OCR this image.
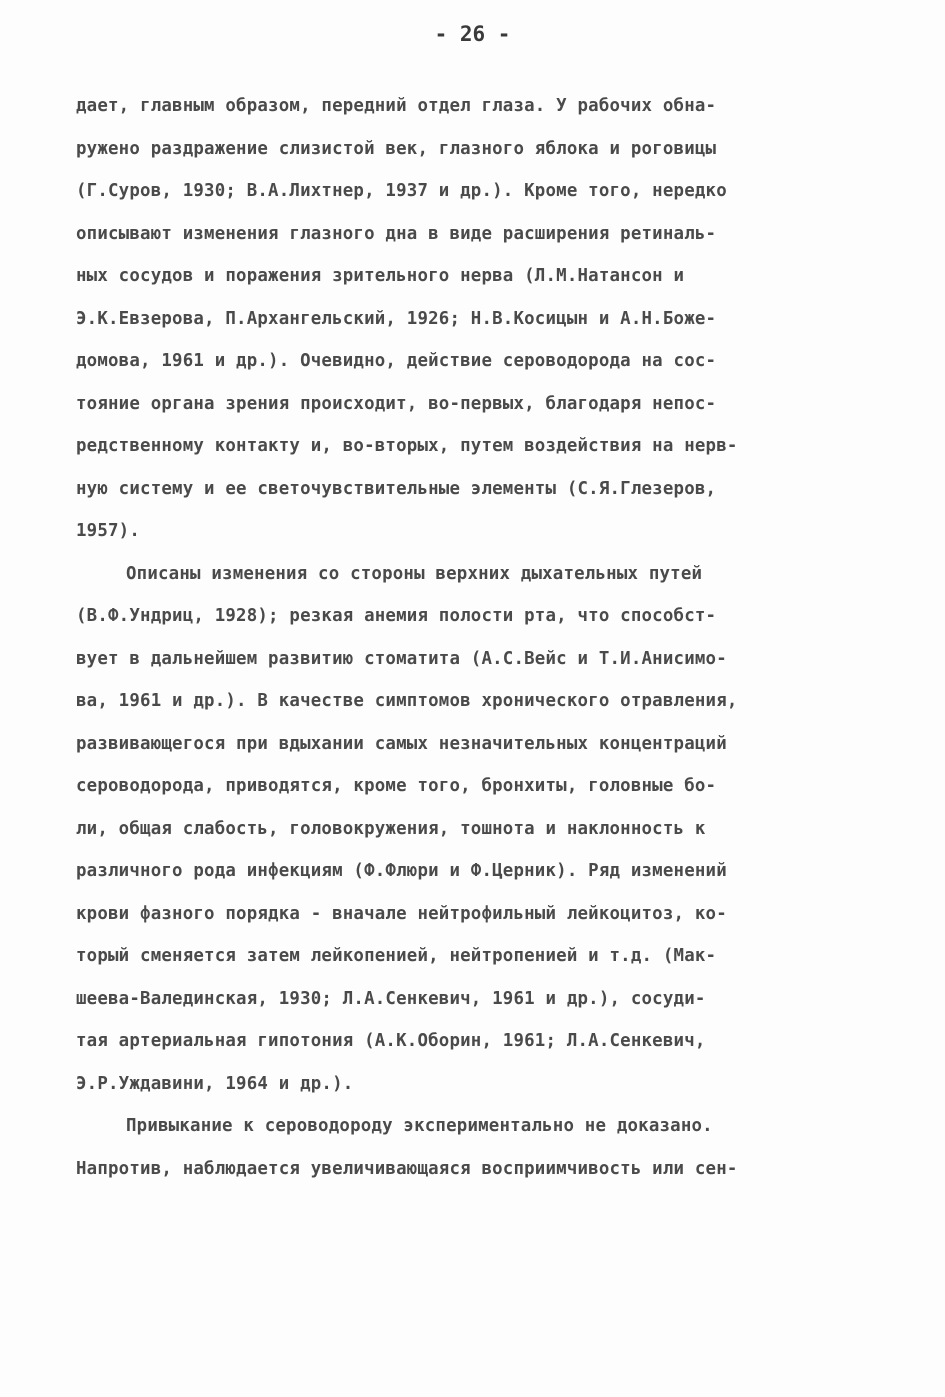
- 26 -
дает, главным образом, передний отдел глаза. У рабочих обна-
ружено раздражение слизистой век, глазного яблока и роговицы
(Г.Суров, 1930; В.А.Лихтнер, 1937 и др.). Кроме того, нередко
описывают изменения глазного дна в виде расширения ретиналь-
ных сосудов и поражения зрительного нерва (Л.М.Натансон и
Э.К.Евзерова, П.Архангельский, 1926; Н.В.Косицын и А.Н.Боже-
домова, 1961 и др.). Очевидно, действие сероводорода на сос-
тояние органа зрения происходит, во-первых, благодаря непос-
редственному контакту и, во-вторых, путем воздействия на нерв-
ную систему и ее светочувствительные элементы (С.Я.Глезеров,
1957).
Описаны изменения со стороны верхних дыхательных путей
(В.Ф.Ундриц, 1928); резкая анемия полости рта, что способст-
вует в дальнейшем развитию стоматита (А.С.Вейс и Т.И.Анисимо-
ва, 1961 и др.). В качестве симптомов хронического отравления,
развивающегося при вдыхании самых незначительных концентраций
сероводорода, приводятся, кроме того, бронхиты, головные бо-
ли, общая слабость, головокружения, тошнота и наклонность к
различного рода инфекциям (Ф.Флюри и Ф.Церник). Ряд изменений
крови фазного порядка - вначале нейтрофильный лейкоцитоз, ко-
торый сменяется затем лейкопенией, нейтропенией и т.д. (Мак-
шеева-Валединская, 1930; Л.А.Сенкевич, 1961 и др.), сосуди-
тая артериальная гипотония (А.К.Оборин, 1961; Л.А.Сенкевич,
Э.Р.Уждавини, 1964 и др.).
Привыкание к сероводороду экспериментально не доказано.
Напротив, наблюдается увеличивающаяся восприимчивость или сен-
